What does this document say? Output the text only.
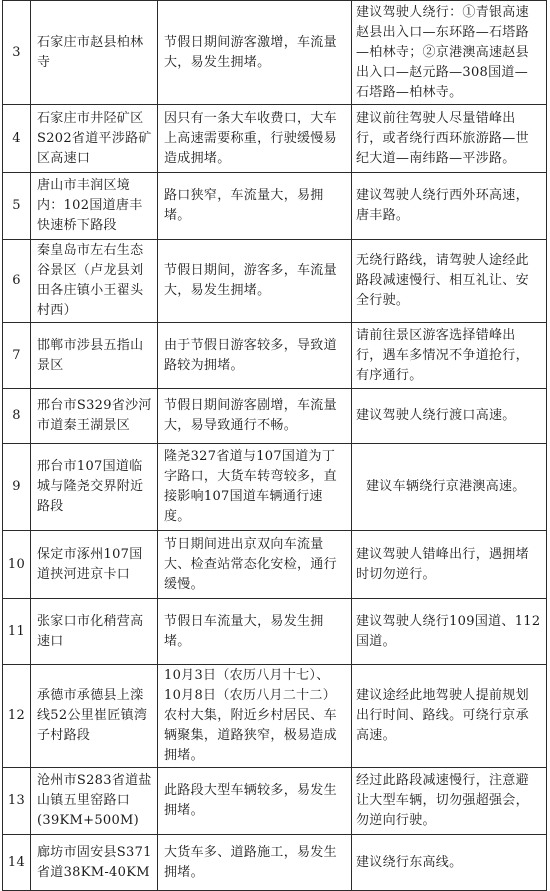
3	石家庄市赵县柏林寺	节假日期间游客激增，车流量大，易发生拥堵。	建议驾驶人绕行：①青银高速赵县出入口—东环路—石塔路—柏林寺；②京港澳高速赵县出入口—赵元路—308国道—石塔路—柏林寺。
4	石家庄市井陉矿区S202省道平涉路矿区高速口	因只有一条大车收费口，大车上高速需要称重，行驶缓慢易造成拥堵。	建议前往驾驶人尽量错峰出行，或者绕行西环旅游路—世纪大道—南纬路—平涉路。
5	唐山市丰润区境内：102国道唐丰快速桥下路段	路口狭窄，车流量大，易拥堵。	建议驾驶人绕行西外环高速，唐丰路。
6	秦皇岛市左右生态谷景区（卢龙县刘田各庄镇小王翟头村西）	节假日期间，游客多，车流量大，易发生拥堵。	无绕行路线，请驾驶人途经此路段减速慢行、相互礼让、安全行驶。
7	邯郸市涉县五指山景区	由于节假日游客较多，导致道路较为拥堵。	请前往景区游客选择错峰出行，遇车多情况不争道抢行，有序通行。
8	邢台市S329省沙河市道秦王湖景区	节假日期间游客剧增，车流量大，易导致通行不畅。	建议驾驶人绕行渡口高速。
9	邢台市107国道临城与隆尧交界附近路段	隆尧327省道与107国道为丁字路口，大货车转弯较多，直接影响107国道车辆通行速度。	建议车辆绕行京港澳高速。
10	保定市涿州107国道挟河进京卡口	节日期间进出京双向车流量大、检查站常态化安检，通行缓慢。	建议驾驶人错峰出行，遇拥堵时切勿逆行。
11	张家口市化稍营高速口	节假日车流量大，易发生拥堵。	建议驾驶人绕行109国道、112国道。
12	承德市承德县上滦线52公里崔匠镇湾子村路段	10月3日（农历八月十七）、10月8日（农历八月二十二）农村大集，附近乡村居民、车辆聚集，道路狭窄，极易造成拥堵。	建议途经此地驾驶人提前规划出行时间、路线。可绕行京承高速。
13	沧州市S283省道盐山镇五里窑路口(39KM+500M)	此路段大型车辆较多，易发生拥堵。	经过此路段减速慢行，注意避让大型车辆，切勿强超强会，勿逆向行驶。
14	廊坊市固安县S371省道38KM-40KM	大货车多、道路施工，易发生拥堵。	建议绕行东高线。
